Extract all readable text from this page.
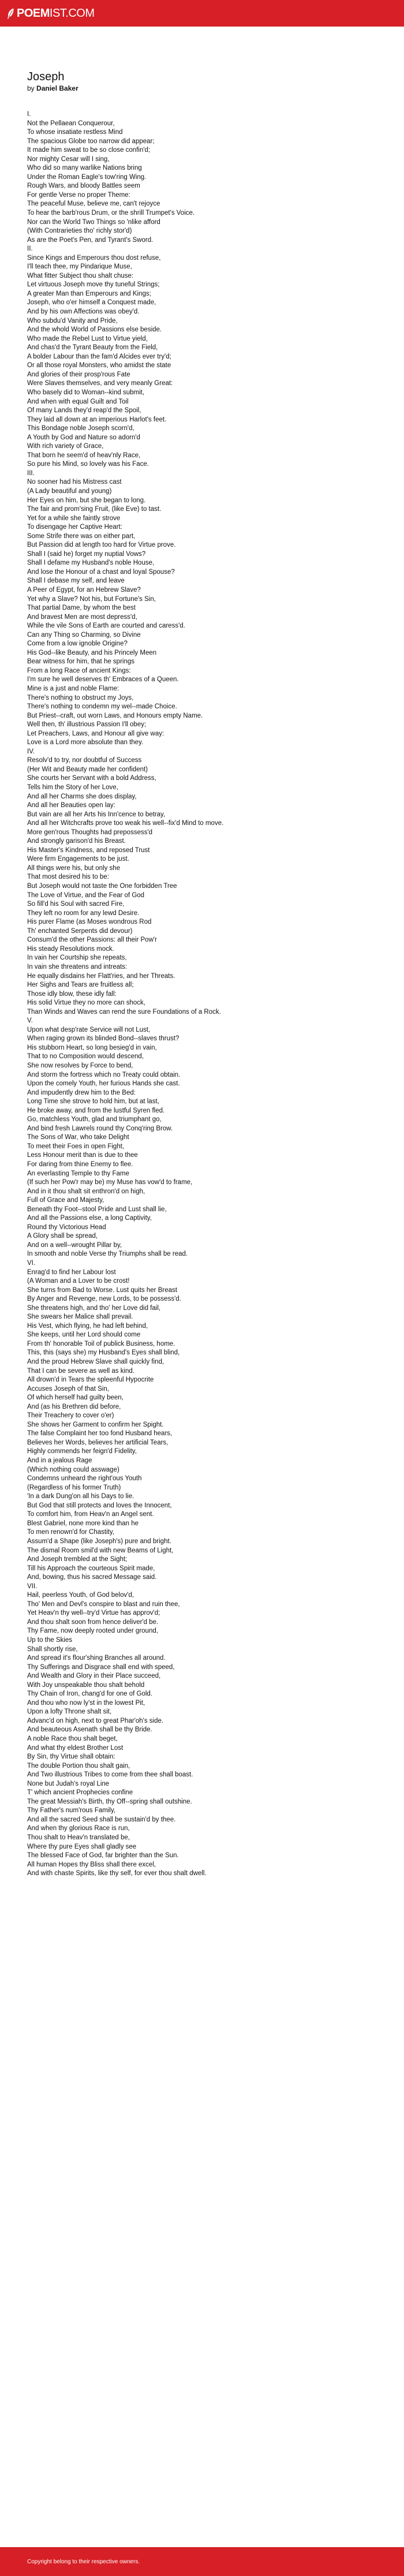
POEMIST.COM
Joseph
by Daniel Baker
I.
Not the Pellaean Conquerour,
To whose insatiate restless Mind
The spacious Globe too narrow did appear;
It made him sweat to be so close confin'd;
Nor mighty Cesar will I sing,
Who did so many warlike Nations bring
Under the Roman Eagle's tow'ring Wing.
Rough Wars, and bloody Battles seem
For gentle Verse no proper Theme:
The peaceful Muse, believe me, can't rejoyce
To hear the barb'rous Drum, or the shrill Trumpet's Voice.
Nor can the World Two Things so 'nlike afford
(With Contrarieties tho' richly stor'd)
As are the Poet's Pen, and Tyrant's Sword.
II.
Since Kings and Emperours thou dost refuse,
I'll teach thee, my Pindarique Muse,
What fitter Subject thou shalt chuse:
Let virtuous Joseph move thy tuneful Strings;
A greater Man than Emperours and Kings;
Joseph, who o'er himself a Conquest made,
And by his own Affections was obey'd.
Who subdu'd Vanity and Pride,
And the whold World of Passions else beside.
Who made the Rebel Lust to Virtue yield,
And chas'd the Tyrant Beauty from the Field,
A bolder Labour than the fam'd Alcides ever try'd;
Or all those royal Monsters, who amidst the state
And glories of their prosp'rous Fate
Were Slaves themselves, and very meanly Great:
Who basely did to Woman--kind submit,
And when with equal Guilt and Toil
Of many Lands they'd reap'd the Spoil,
They laid all down at an imperious Harlot's feet.
This Bondage noble Joseph scorn'd,
A Youth by God and Nature so adorn'd
With rich variety of Grace,
That born he seem'd of heav'nly Race,
So pure his Mind, so lovely was his Face.
III.
No sooner had his Mistress cast
(A Lady beautiful and young)
Her Eyes on him, but she began to long.
The fair and prom'sing Fruit, (like Eve) to tast.
Yet for a while she faintly strove
To disengage her Captive Heart:
Some Strife there was on either part,
But Passion did at length too hard for Virtue prove.
Shall I (said he) forget my nuptial Vows?
Shall I defame my Husband's noble House,
And lose the Honour of a chast and loyal Spouse?
Shall I debase my self, and leave
A Peer of Egypt, for an Hebrew Slave?
Yet why a Slave? Not his, but Fortune's Sin,
That partial Dame, by whom the best
And bravest Men are most depress'd,
While the vile Sons of Earth are courted and caress'd.
Can any Thing so Charming, so Divine
Come from a low ignoble Origine?
His God--like Beauty, and his Princely Meen
Bear witness for him, that he springs
From a long Race of ancient Kings:
I'm sure he well deserves th' Embraces of a Queen.
Mine is a just and noble Flame:
There's nothing to obstruct my Joys,
There's nothing to condemn my wel--made Choice.
But Priest--craft, out worn Laws, and Honours empty Name.
Well then, th' illustrious Passion I'll obey;
Let Preachers, Laws, and Honour all give way:
Love is a Lord more absolute than they.
IV.
Resolv'd to try, nor doubtful of Success
(Her Wit and Beauty made her confident)
She courts her Servant with a bold Address,
Tells him the Story of her Love,
And all her Charms she does display,
And all her Beauties open lay:
But vain are all her Arts his Inn'cence to betray,
And all her Witchcrafts prove too weak his well--fix'd Mind to move.
More gen'rous Thoughts had prepossess'd
And strongly garison'd his Breast.
His Master's Kindness, and reposed Trust
Were firm Engagements to be just.
All things were his, but only she
That most desired his to be:
But Joseph would not taste the One forbidden Tree
The Love of Virtue, and the Fear of God
So fill'd his Soul with sacred Fire,
They left no room for any lewd Desire.
His purer Flame (as Moses wondrous Rod
Th' enchanted Serpents did devour)
Consum'd the other Passions: all their Pow'r
His steady Resolutions mock.
In vain her Courtship she repeats,
In vain she threatens and intreats:
He equally disdains her Flatt'ries, and her Threats.
Her Sighs and Tears are fruitless all;
Those idly blow, these idly fall:
His solid Virtue they no more can shock,
Than Winds and Waves can rend the sure Foundations of a Rock.
V.
Upon what desp'rate Service will not Lust,
When raging grown its blinded Bond--slaves thrust?
His stubborn Heart, so long besieg'd in vain,
That to no Composition would descend,
She now resolves by Force to bend,
And storm the fortress which no Treaty could obtain.
Upon the comely Youth, her furious Hands she cast.
And impudently drew him to the Bed:
Long Time she strove to hold him, but at last,
He broke away, and from the lustful Syren fled.
Go, matchless Youth, glad and triumphant go,
And bind fresh Lawrels round thy Conq'ring Brow.
The Sons of War, who take Delight
To meet their Foes in open Fight,
Less Honour merit than is due to thee
For daring from thine Enemy to flee.
An everlasting Temple to thy Fame
(If such her Pow'r may be) my Muse has vow'd to frame,
And in it thou shalt sit enthron'd on high,
Full of Grace and Majesty,
Beneath thy Foot--stool Pride and Lust shall lie,
And all the Passions else, a long Captivity,
Round thy Victorious Head
A Glory shall be spread,
And on a well--wrought Pillar by,
In smooth and noble Verse thy Triumphs shall be read.
VI.
Enrag'd to find her Labour lost
(A Woman and a Lover to be crost!
She turns from Bad to Worse. Lust quits her Breast
By Anger and Revenge, new Lords, to be possess'd.
She threatens high, and tho' her Love did fail,
She swears her Malice shall prevail.
His Vest, which flying, he had left behind,
She keeps, until her Lord should come
From th' honorable Toil of publick Business, home.
This, this (says she) my Husband's Eyes shall blind,
And the proud Hebrew Slave shall quickly find,
That I can be severe as well as kind.
All drown'd in Tears the spleenful Hypocrite
Accuses Joseph of that Sin,
Of which herself had guilty been,
And (as his Brethren did before,
Their Treachery to cover o'er)
She shows her Garment to confirm her Spight.
The false Complaint her too fond Husband hears,
Believes her Words, believes her artificial Tears,
Highly commends her feign'd Fidelity,
And in a jealous Rage
(Which nothing could asswage)
Condemns unheard the right'ous Youth
(Regardless of his former Truth)
'In a dark Dung'on all his Days to lie.
But God that still protects and loves the Innocent,
To comfort him, from Heav'n an Angel sent.
Blest Gabriel, none more kind than he
To men renown'd for Chastity,
Assum'd a Shape (like Joseph's) pure and bright.
The dismal Room smil'd with new Beams of Light,
And Joseph trembled at the Sight;
Till his Approach the courteous Spirit made,
And, bowing, thus his sacred Message said.
VII.
Hail, peerless Youth, of God belov'd,
Tho' Men and Devl's conspire to blast and ruin thee,
Yet Heav'n thy well--try'd Virtue has approv'd;
And thou shalt soon from hence deliver'd be.
Thy Fame, now deeply rooted under ground,
Up to the Skies
Shall shortly rise,
And spread it's flour'shing Branches all around.
Thy Sufferings and Disgrace shall end with speed,
And Wealth and Glory in their Place succeed,
With Joy unspeakable thou shalt behold
Thy Chain of Iron, chang'd for one of Gold.
And thou who now ly'st in the lowest Pit,
Upon a lofty Throne shalt sit,
Advanc'd on high, next to great Phar'oh's side.
And beauteous Asenath shall be thy Bride.
A noble Race thou shalt beget,
And what thy eldest Brother Lost
By Sin, thy Virtue shall obtain:
The double Portion thou shalt gain,
And Two illustrious Tribes to come from thee shall boast.
None but Judah's royal Line
T' which ancient Prophecies confine
The great Messiah's Birth, thy Off--spring shall outshine.
Thy Father's num'rous Family,
And all the sacred Seed shall be sustain'd by thee.
And when thy glorious Race is run,
Thou shalt to Heav'n translated be,
Where thy pure Eyes shall gladly see
The blessed Face of God, far brighter than the Sun.
All human Hopes thy Bliss shall there excel,
And with chaste Spirits, like thy self, for ever thou shalt dwell.
Copyright belong to their respective owners.
